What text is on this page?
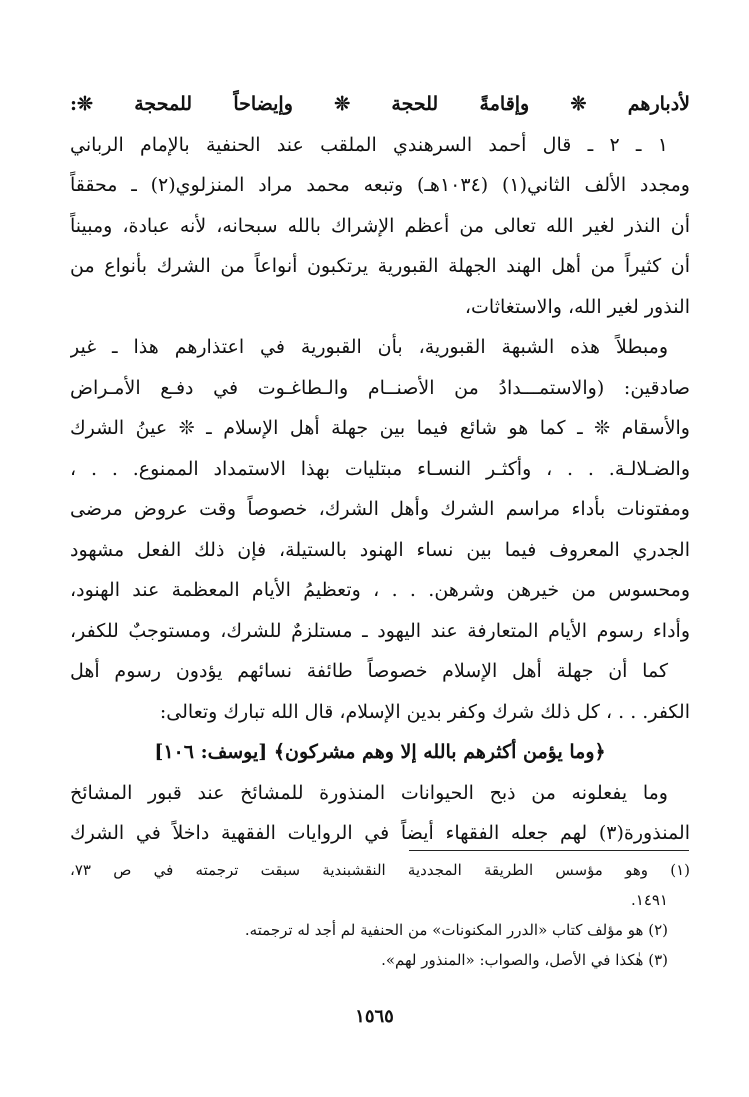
لأدبارهم ❊ وإقامةً للحجة ❊ وإيضاحاً للمحجة ❊:
١ ـ ٢ ـ قال أحمد السرهندي الملقب عند الحنفية بالإمام الرباني
ومجدد الألف الثاني(١) (١٠٣٤هـ) وتبعه محمد مراد المنزلوي(٢) ـ محققاً
أن النذر لغير الله تعالى من أعظم الإشراك بالله سبحانه، لأنه عبادة، ومبيناً
أن كثيراً من أهل الهند الجهلة القبورية يرتكبون أنواعاً من الشرك بأنواع من
النذور لغير الله، والاستغاثات،
ومبطلاً هذه الشبهة القبورية، بأن القبورية في اعتذارهم هذا ـ غير
صادقين: (والاستمـــدادُ من الأصنــام والـطاغـوت في دفـع الأمـراض
والأسقام ❊ ـ كما هو شائع فيما بين جهلة أهل الإسلام ـ ❊ عينُ الشرك
والضـلالـة. . . ، وأكثـر النسـاء مبتليات بهذا الاستمداد الممنوع. . . ،
ومفتونات بأداء مراسم الشرك وأهل الشرك، خصوصاً وقت عروض مرضى
الجدري المعروف فيما بين نساء الهنود بالستيلة، فإن ذلك الفعل مشهود
ومحسوس من خيرهن وشرهن. . . ، وتعظيمُ الأيام المعظمة عند الهنود،
وأداء رسوم الأيام المتعارفة عند اليهود ـ مستلزمٌ للشرك، ومستوجبٌ للكفر،
كما أن جهلة أهل الإسلام خصوصاً طائفة نسائهم يؤدون رسوم أهل
الكفر. . . ، كل ذلك شرك وكفر بدين الإسلام، قال الله تبارك وتعالى:
﴿وما يؤمن أكثرهم بالله إلا وهم مشركون﴾ [يوسف: ١٠٦]
وما يفعلونه من ذبح الحيوانات المنذورة للمشائخ عند قبور المشائخ
المنذورة(٣) لهم جعله الفقهاء أيضاً في الروايات الفقهية داخلاً في الشرك
(١) وهو مؤسس الطريقة المجددية النقشبندية سبقت ترجمته في ص ٧٣،
١٤٩١.
(٢) هو مؤلف كتاب «الدرر المكنونات» من الحنفية لم أجد له ترجمته.
(٣) هٰكذا في الأصل، والصواب: «المنذور لهم».
١٥٦٥
